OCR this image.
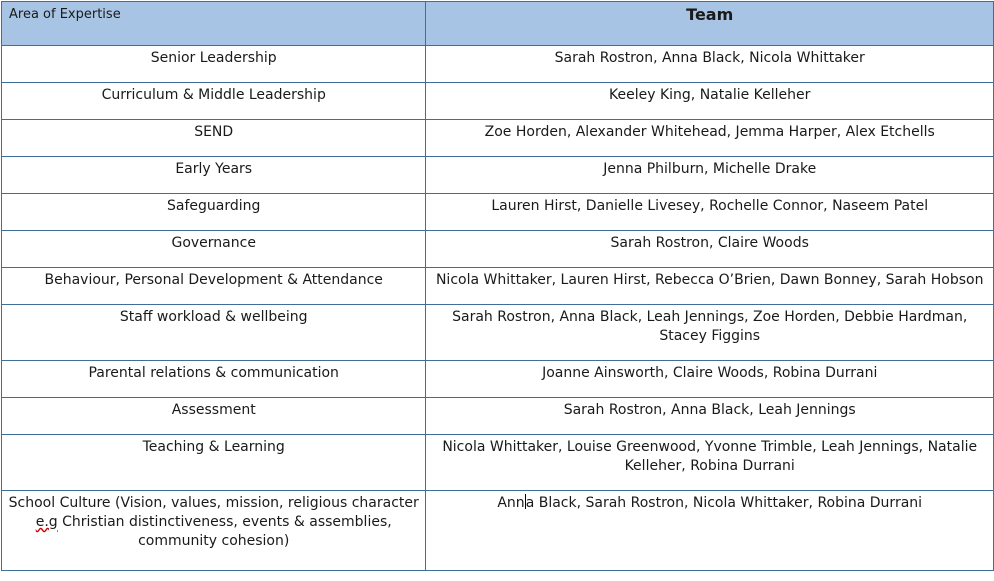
Area of Expertise	Team
Senior Leadership	Sarah Rostron, Anna Black, Nicola Whittaker
Curriculum & Middle Leadership	Keeley King, Natalie Kelleher
SEND	Zoe Horden, Alexander Whitehead, Jemma Harper, Alex Etchells
Early Years	Jenna Philburn, Michelle Drake
Safeguarding	Lauren Hirst, Danielle Livesey, Rochelle Connor, Naseem Patel
Governance	Sarah Rostron, Claire Woods
Behaviour, Personal Development & Attendance	Nicola Whittaker, Lauren Hirst, Rebecca O’Brien, Dawn Bonney, Sarah Hobson
Staff workload & wellbeing	Sarah Rostron, Anna Black, Leah Jennings, Zoe Horden, Debbie Hardman, Stacey Figgins
Parental relations & communication	Joanne Ainsworth, Claire Woods, Robina Durrani
Assessment	Sarah Rostron, Anna Black, Leah Jennings
Teaching & Learning	Nicola Whittaker, Louise Greenwood, Yvonne Trimble, Leah Jennings, Natalie Kelleher, Robina Durrani
School Culture (Vision, values, mission, religious character e.g Christian distinctiveness, events & assemblies, community cohesion)	Anna Black, Sarah Rostron, Nicola Whittaker, Robina Durrani
